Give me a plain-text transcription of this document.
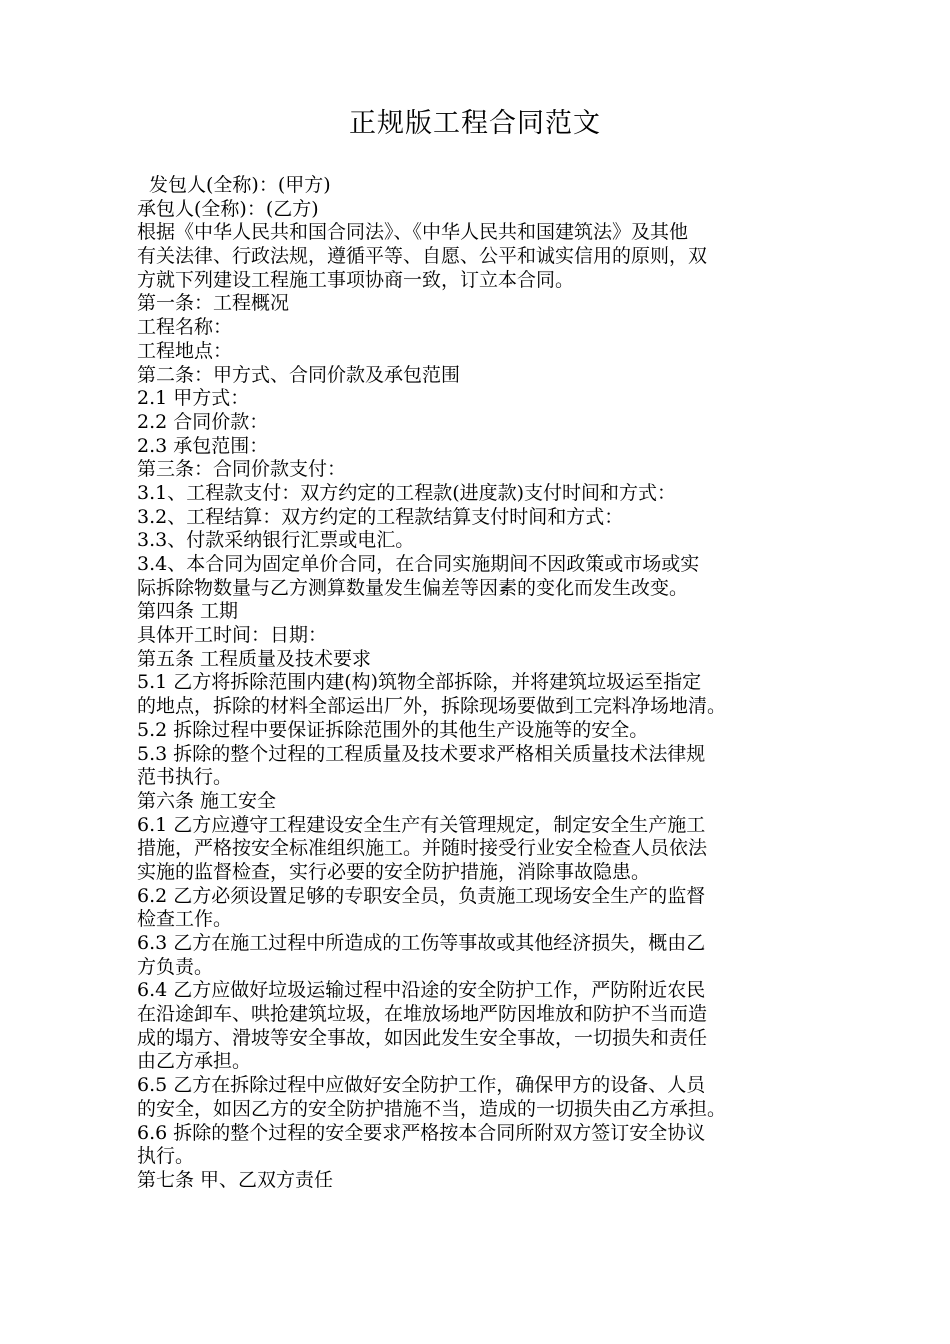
正规版工程合同范文
发包人(全称)：(甲方)
承包人(全称)：(乙方)
根据《中华人民共和国合同法》、《中华人民共和国建筑法》及其他
有关法律、行政法规，遵循平等、自愿、公平和诚实信用的原则，双
方就下列建设工程施工事项协商一致，订立本合同。
第一条：工程概况
工程名称：
工程地点：
第二条：甲方式、合同价款及承包范围
2.1 甲方式：
2.2 合同价款：
2.3 承包范围：
第三条：合同价款支付：
3.1、工程款支付：双方约定的工程款(进度款)支付时间和方式：
3.2、工程结算：双方约定的工程款结算支付时间和方式：
3.3、付款采纳银行汇票或电汇。
3.4、本合同为固定单价合同，在合同实施期间不因政策或市场或实
际拆除物数量与乙方测算数量发生偏差等因素的变化而发生改变。
第四条 工期
具体开工时间：日期：
第五条 工程质量及技术要求
5.1 乙方将拆除范围内建(构)筑物全部拆除，并将建筑垃圾运至指定
的地点，拆除的材料全部运出厂外，拆除现场要做到工完料净场地清。
5.2 拆除过程中要保证拆除范围外的其他生产设施等的安全。
5.3 拆除的整个过程的工程质量及技术要求严格相关质量技术法律规
范书执行。
第六条 施工安全
6.1 乙方应遵守工程建设安全生产有关管理规定，制定安全生产施工
措施，严格按安全标准组织施工。并随时接受行业安全检查人员依法
实施的监督检查，实行必要的安全防护措施，消除事故隐患。
6.2 乙方必须设置足够的专职安全员，负责施工现场安全生产的监督
检查工作。
6.3 乙方在施工过程中所造成的工伤等事故或其他经济损失，概由乙
方负责。
6.4 乙方应做好垃圾运输过程中沿途的安全防护工作，严防附近农民
在沿途卸车、哄抢建筑垃圾，在堆放场地严防因堆放和防护不当而造
成的塌方、滑坡等安全事故，如因此发生安全事故，一切损失和责任
由乙方承担。
6.5 乙方在拆除过程中应做好安全防护工作，确保甲方的设备、人员
的安全，如因乙方的安全防护措施不当，造成的一切损失由乙方承担。
6.6 拆除的整个过程的安全要求严格按本合同所附双方签订安全协议
执行。
第七条 甲、乙双方责任
